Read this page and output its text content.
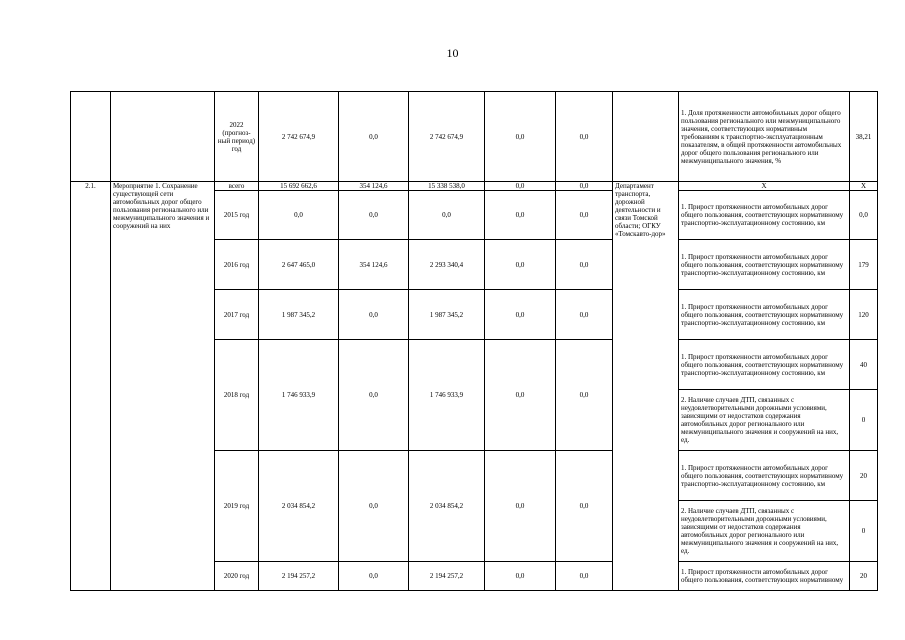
10
		2022 (прогноз-ный период) год	2 742 674,9	0,0	2 742 674,9	0,0	0,0		1. Доля протяженности автомобильных дорог общего пользования регионального или межмуниципального значения, соответствующих нормативным требованиям к транспортно-эксплуатационным показателям, в общей протяженности автомобильных дорог общего пользования регионального или межмуниципального значения, %	38,21
2.1.	Мероприятие 1. Сохранение существующей сети автомобильных дорог общего пользования регионального или межмуниципального значения и сооружений на них	всего	15 692 662,6	354 124,6	15 338 538,0	0,0	0,0	Департамент транспорта, дорожной деятельности и связи Томской области; ОГКУ «Томскавто-дор»	Х	Х
		2015 год	0,0	0,0	0,0	0,0	0,0		1. Прирост протяженности автомобильных дорог общего пользования, соответствующих нормативному транспортно-эксплуатационному состоянию, км	0,0
		2016 год	2 647 465,0	354 124,6	2 293 340,4	0,0	0,0		1. Прирост протяженности автомобильных дорог общего пользования, соответствующих нормативному транспортно-эксплуатационному состоянию, км	179
		2017 год	1 987 345,2	0,0	1 987 345,2	0,0	0,0		1. Прирост протяженности автомобильных дорог общего пользования, соответствующих нормативному транспортно-эксплуатационному состоянию, км	120
		2018 год	1 746 933,9	0,0	1 746 933,9	0,0	0,0		1. Прирост протяженности автомобильных дорог общего пользования, соответствующих нормативному транспортно-эксплуатационному состоянию, км	40
									2. Наличие случаев ДТП, связанных с неудовлетворительными дорожными условиями, зависящими от недостатков содержания автомобильных дорог регионального или межмуниципального значения и сооружений на них, ед.	0
		2019 год	2 034 854,2	0,0	2 034 854,2	0,0	0,0		1. Прирост протяженности автомобильных дорог общего пользования, соответствующих нормативному транспортно-эксплуатационному состоянию, км	20
									2. Наличие случаев ДТП, связанных с неудовлетворительными дорожными условиями, зависящими от недостатков содержания автомобильных дорог регионального или межмуниципального значения и сооружений на них, ед.	0
		2020 год	2 194 257,2	0,0	2 194 257,2	0,0	0,0		1. Прирост протяженности автомобильных дорог общего пользования, соответствующих нормативному	20
